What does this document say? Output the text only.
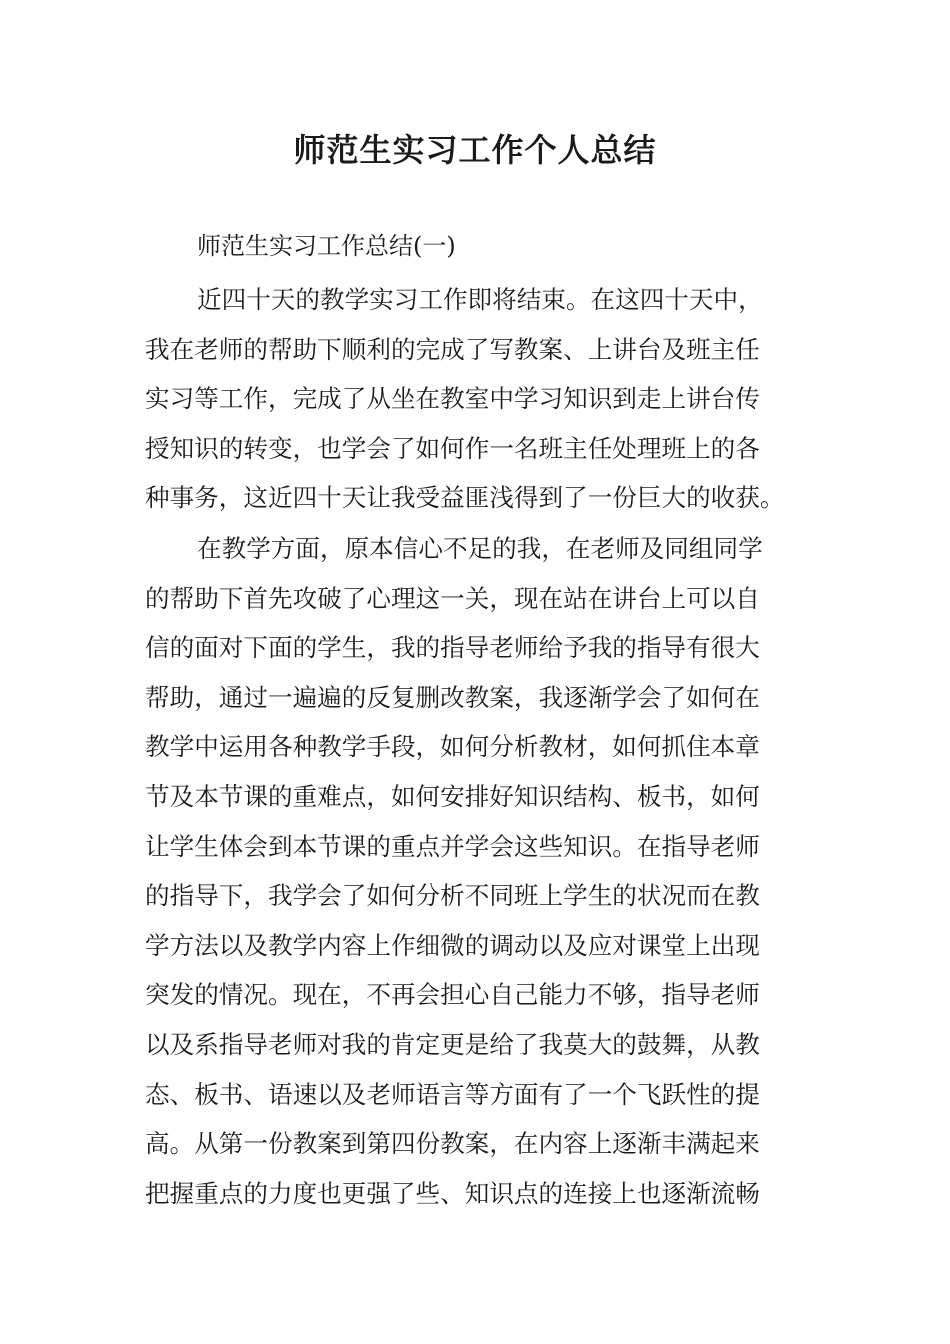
师范生实习工作个人总结

师范生实习工作总结(一)

近四十天的教学实习工作即将结束。在这四十天中，
我在老师的帮助下顺利的完成了写教案、上讲台及班主任
实习等工作，完成了从坐在教室中学习知识到走上讲台传
授知识的转变，也学会了如何作一名班主任处理班上的各
种事务，这近四十天让我受益匪浅得到了一份巨大的收获。
在教学方面，原本信心不足的我，在老师及同组同学
的帮助下首先攻破了心理这一关，现在站在讲台上可以自
信的面对下面的学生，我的指导老师给予我的指导有很大
帮助，通过一遍遍的反复删改教案，我逐渐学会了如何在
教学中运用各种教学手段，如何分析教材，如何抓住本章
节及本节课的重难点，如何安排好知识结构、板书，如何
让学生体会到本节课的重点并学会这些知识。在指导老师
的指导下，我学会了如何分析不同班上学生的状况而在教
学方法以及教学内容上作细微的调动以及应对课堂上出现
突发的情况。现在，不再会担心自己能力不够，指导老师
以及系指导老师对我的肯定更是给了我莫大的鼓舞，从教
态、板书、语速以及老师语言等方面有了一个飞跃性的提
高。从第一份教案到第四份教案，在内容上逐渐丰满起来
把握重点的力度也更强了些、知识点的连接上也逐渐流畅
